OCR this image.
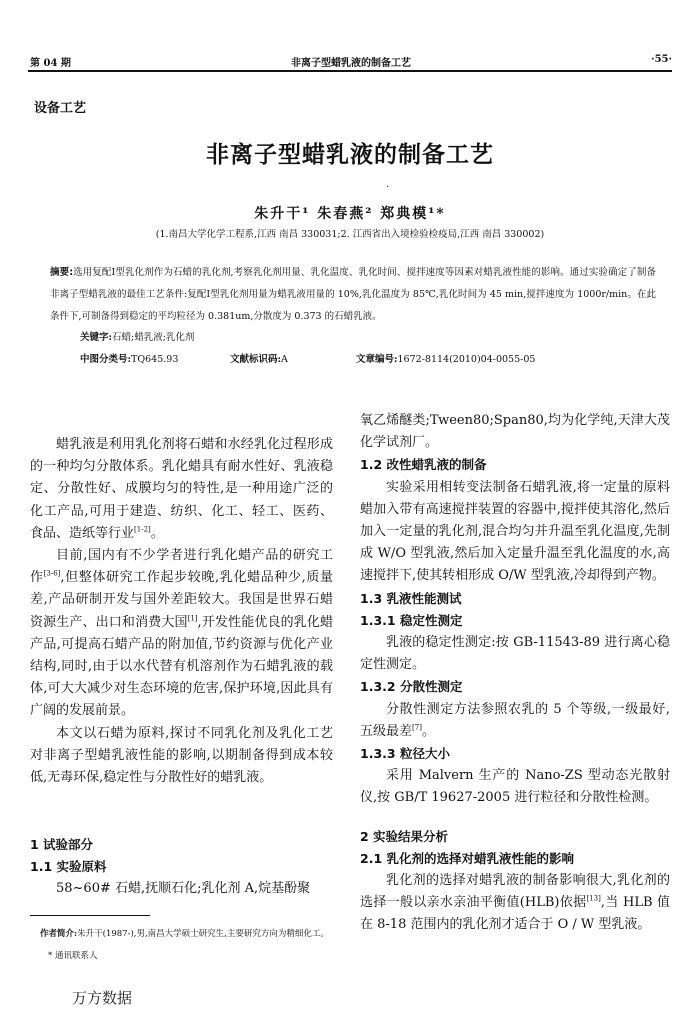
第 04 期	非离子型蜡乳液的制备工艺	·55·
设备工艺
非离子型蜡乳液的制备工艺
·
朱升干¹ 朱春燕² 郑典模¹*
(1.南昌大学化学工程系,江西 南昌 330031;2. 江西省出入境检验检疫局,江西 南昌 330002)
摘要:选用复配Ⅰ型乳化剂作为石蜡的乳化剂,考察乳化剂用量、乳化温度、乳化时间、搅拌速度等因素对蜡乳液性能的影响。通过实验确定了制备非离子型蜡乳液的最佳工艺条件:复配Ⅰ型乳化剂用量为蜡乳液用量的 10%,乳化温度为 85℃,乳化时间为 45 min,搅拌速度为 1000r/min。在此条件下,可制备得到稳定的平均粒径为 0.381um,分散度为 0.373 的石蜡乳液。
关键字:石蜡;蜡乳液;乳化剂
中图分类号:TQ645.93	文献标识码:A	文章编号:1672-8114(2010)04-0055-05

蜡乳液是利用乳化剂将石蜡和水经乳化过程形成的一种均匀分散体系。乳化蜡具有耐水性好、乳液稳定、分散性好、成膜均匀的特性,是一种用途广泛的化工产品,可用于建造、纺织、化工、轻工、医药、食品、造纸等行业[1-2]。

目前,国内有不少学者进行乳化蜡产品的研究工作[3-6],但整体研究工作起步较晚,乳化蜡品种少,质量差,产品研制开发与国外差距较大。我国是世界石蜡资源生产、出口和消费大国[1],开发性能优良的乳化蜡产品,可提高石蜡产品的附加值,节约资源与优化产业结构,同时,由于以水代替有机溶剂作为石蜡乳液的载体,可大大减少对生态环境的危害,保护环境,因此具有广阔的发展前景。

本文以石蜡为原料,探讨不同乳化剂及乳化工艺对非离子型蜡乳液性能的影响,以期制备得到成本较低,无毒环保,稳定性与分散性好的蜡乳液。

1 试验部分

1.1 实验原料

58~60# 石蜡,抚顺石化;乳化剂 A,烷基酚聚

氧乙烯醚类;Tween80;Span80,均为化学纯,天津大茂化学试剂厂。

1.2 改性蜡乳液的制备

实验采用相转变法制备石蜡乳液,将一定量的原料蜡加入带有高速搅拌装置的容器中,搅拌使其溶化,然后加入一定量的乳化剂,混合均匀并升温至乳化温度,先制成 W/O 型乳液,然后加入定量升温至乳化温度的水,高速搅拌下,使其转相形成 O/W 型乳液,冷却得到产物。

1.3 乳液性能测试

1.3.1 稳定性测定

乳液的稳定性测定:按 GB-11543-89 进行离心稳定性测定。

1.3.2 分散性测定

分散性测定方法参照农乳的 5 个等级,一级最好,五级最差[7]。

1.3.3 粒径大小

采用 Malvern 生产的 Nano-ZS 型动态光散射仪,按 GB/T 19627-2005 进行粒径和分散性检测。

2 实验结果分析

2.1 乳化剂的选择对蜡乳液性能的影响

乳化剂的选择对蜡乳液的制备影响很大,乳化剂的选择一般以亲水亲油平衡值(HLB)依据[13],当 HLB 值在 8-18 范围内的乳化剂才适合于 O / W 型乳液。

作者简介:朱升干(1987-),男,南昌大学硕士研究生,主要研究方向为精细化工。
* 通讯联系人
万方数据
